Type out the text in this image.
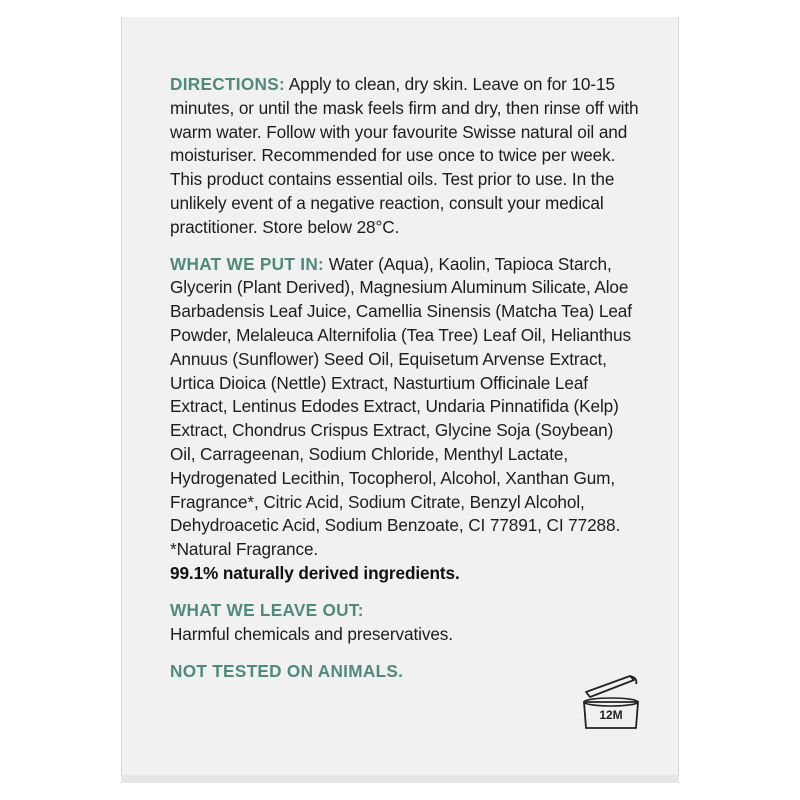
DIRECTIONS: Apply to clean, dry skin. Leave on for 10-15 minutes, or until the mask feels firm and dry, then rinse off with warm water. Follow with your favourite Swisse natural oil and moisturiser. Recommended for use once to twice per week. This product contains essential oils. Test prior to use. In the unlikely event of a negative reaction, consult your medical practitioner. Store below 28°C.
WHAT WE PUT IN: Water (Aqua), Kaolin, Tapioca Starch, Glycerin (Plant Derived), Magnesium Aluminum Silicate, Aloe Barbadensis Leaf Juice, Camellia Sinensis (Matcha Tea) Leaf Powder, Melaleuca Alternifolia (Tea Tree) Leaf Oil, Helianthus Annuus (Sunflower) Seed Oil, Equisetum Arvense Extract, Urtica Dioica (Nettle) Extract, Nasturtium Officinale Leaf Extract, Lentinus Edodes Extract, Undaria Pinnatifida (Kelp) Extract, Chondrus Crispus Extract, Glycine Soja (Soybean) Oil, Carrageenan, Sodium Chloride, Menthyl Lactate, Hydrogenated Lecithin, Tocopherol, Alcohol, Xanthan Gum, Fragrance*, Citric Acid, Sodium Citrate, Benzyl Alcohol, Dehydroacetic Acid, Sodium Benzoate, CI 77891, CI 77288. *Natural Fragrance.
99.1% naturally derived ingredients.
WHAT WE LEAVE OUT:
Harmful chemicals and preservatives.
NOT TESTED ON ANIMALS.
12M
